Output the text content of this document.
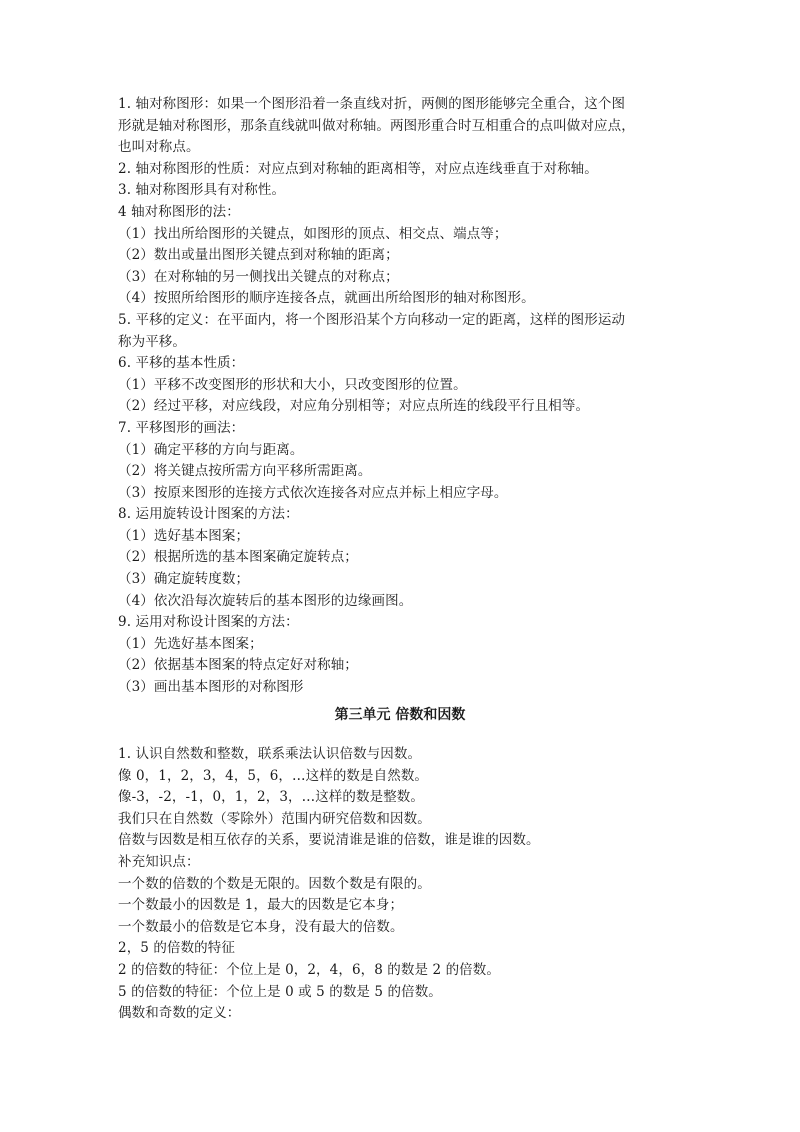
1. 轴对称图形：如果一个图形沿着一条直线对折，两侧的图形能够完全重合，这个图

形就是轴对称图形，那条直线就叫做对称轴。两图形重合时互相重合的点叫做对应点，

也叫对称点。

2. 轴对称图形的性质：对应点到对称轴的距离相等，对应点连线垂直于对称轴。

3. 轴对称图形具有对称性。

4 轴对称图形的法：

（1）找出所给图形的关键点，如图形的顶点、相交点、端点等；

（2）数出或量出图形关键点到对称轴的距离；

（3）在对称轴的另一侧找出关键点的对称点；

（4）按照所给图形的顺序连接各点，就画出所给图形的轴对称图形。

5. 平移的定义：在平面内，将一个图形沿某个方向移动一定的距离，这样的图形运动

称为平移。

6. 平移的基本性质：

（1）平移不改变图形的形状和大小，只改变图形的位置。

（2）经过平移，对应线段，对应角分别相等；对应点所连的线段平行且相等。

7. 平移图形的画法：

（1）确定平移的方向与距离。

（2）将关键点按所需方向平移所需距离。

（3）按原来图形的连接方式依次连接各对应点并标上相应字母。

8. 运用旋转设计图案的方法：

（1）选好基本图案；

（2）根据所选的基本图案确定旋转点；

（3）确定旋转度数；

（4）依次沿每次旋转后的基本图形的边缘画图。

9. 运用对称设计图案的方法：

（1）先选好基本图案；

（2）依据基本图案的特点定好对称轴；

（3）画出基本图形的对称图形

第三单元 倍数和因数

1. 认识自然数和整数，联系乘法认识倍数与因数。

像 0，1，2，3，4，5，6，…这样的数是自然数。

像-3，-2，-1，0，1，2，3，…这样的数是整数。

我们只在自然数（零除外）范围内研究倍数和因数。

倍数与因数是相互依存的关系，要说清谁是谁的倍数，谁是谁的因数。

补充知识点：

一个数的倍数的个数是无限的。因数个数是有限的。

一个数最小的因数是 1，最大的因数是它本身；

一个数最小的倍数是它本身，没有最大的倍数。

2，5 的倍数的特征

2 的倍数的特征：个位上是 0，2，4，6，8 的数是 2 的倍数。

5 的倍数的特征：个位上是 0 或 5 的数是 5 的倍数。

偶数和奇数的定义：
